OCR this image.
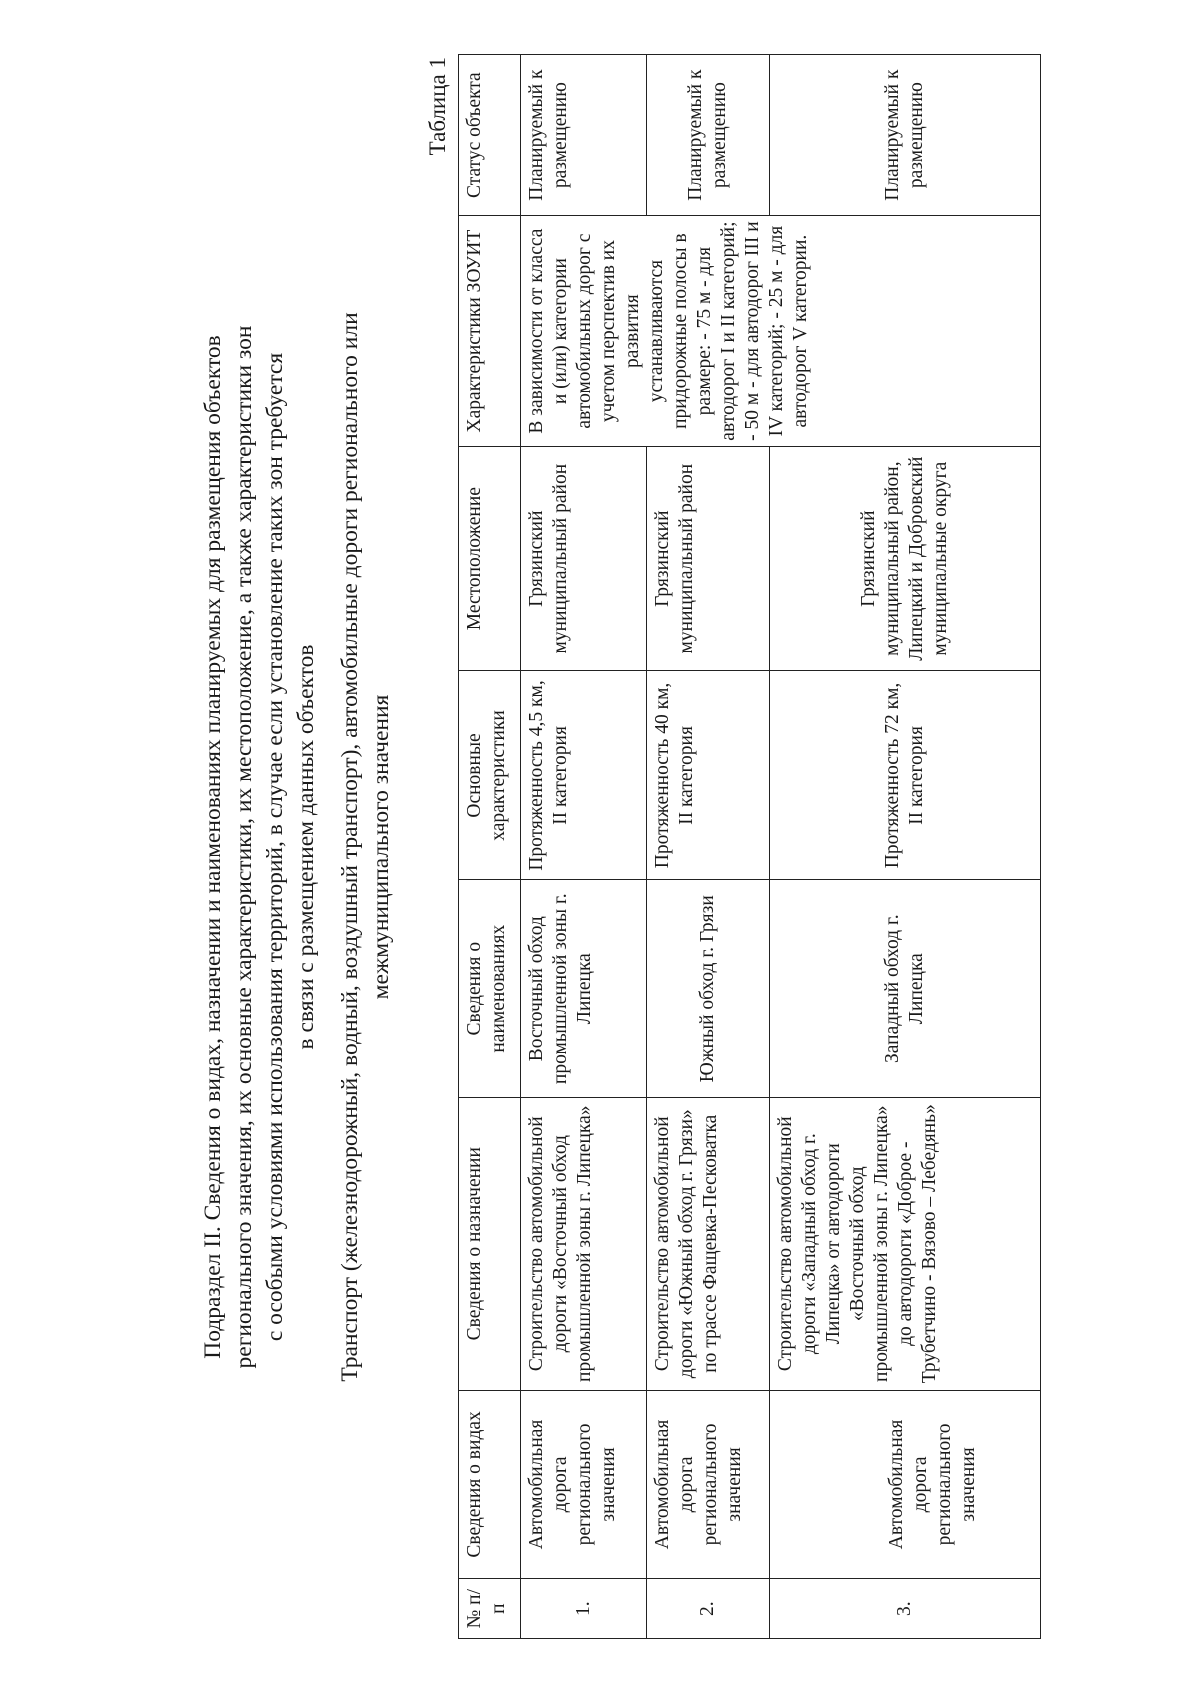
Подраздел II. Сведения о видах, назначении и наименованиях планируемых для размещения объектов регионального значения, их основные характеристики, их местоположение, а также характеристики зон с особыми условиями использования территорий, в случае если установление таких зон требуется в связи с размещением данных объектов Транспорт (железнодорожный, водный, воздушный транспорт), автомобильные дороги регионального или межмуниципального значения
Таблица 1
№ п/п	Сведения о видах	Сведения о назначении	Сведения о наименованиях	Основные характеристики	Местоположение	Характеристики ЗОУИТ	Статус объекта
1.	Автомобильная дорога регионального значения	Строительство автомобильной дороги «Восточный обход промышленной зоны г. Липецка»	Восточный обход промышленной зоны г. Липецка	Протяженность 4,5 км, II категория	Грязинский муниципальный район	В зависимости от класса и (или) категории автомобильных дорог с учетом перспектив их развития устанавливаются придорожные полосы в размере: - 75 м - для автодорог I и II категорий; - 50 м - для автодорог III и IV категорий; - 25 м - для автодорог V категории.	Планируемый к размещению
2.	Автомобильная дорога регионального значения	Строительство автомобильной дороги «Южный обход г. Грязи» по трассе Фащевка-Песковатка	Южный обход г. Грязи	Протяженность 40 км, II категория	Грязинский муниципальный район		Планируемый к размещению
3.	Автомобильная дорога регионального значения	Строительство автомобильной дороги «Западный обход г. Липецка» от автодороги «Восточный обход промышленной зоны г. Липецка» до автодороги «Доброе - Трубетчино - Вязово – Лебедянь»	Западный обход г. Липецка	Протяженность 72 км, II категория	Грязинский муниципальный район, Липецкий и Добровский муниципальные округа		Планируемый к размещению
